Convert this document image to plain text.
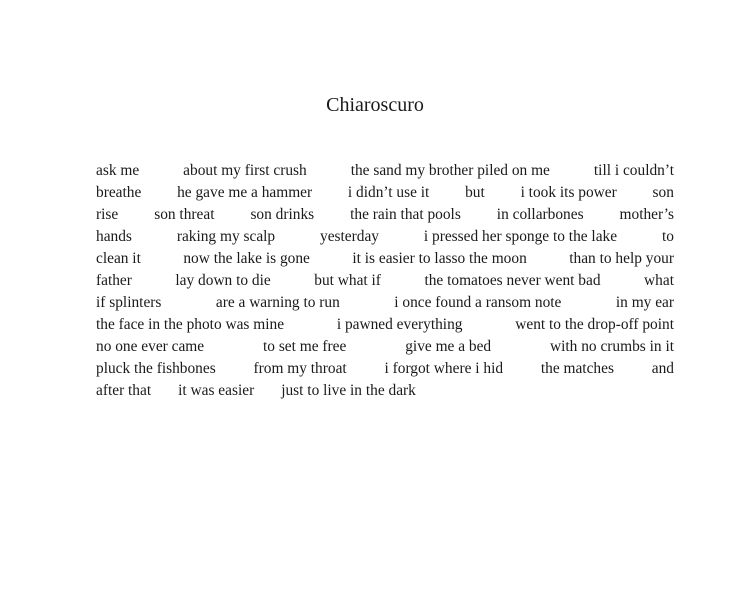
Chiaroscuro
ask me	about my first crush	the sand my brother piled on me	till i couldn’t
breathe he gave me a hammer i didn’t use it but i took its power son
rise son threat son drinks the rain that pools in collarbones mother’s
hands	raking my scalp	yesterday	i pressed her sponge to the lake	to
clean it	now the lake is gone	it is easier to lasso the moon	than to help your
father	lay down to die	but what if	the tomatoes never went bad	what
if splinters	are a warning to run	i once found a ransom note	in my ear
the face in the photo was mine	i pawned everything	went to the drop-off point
no one ever came	to set me free	give me a bed	with no crumbs in it
pluck the fishbones from my throat i forgot where i hid the matches and
after that it was easier just to live in the dark
